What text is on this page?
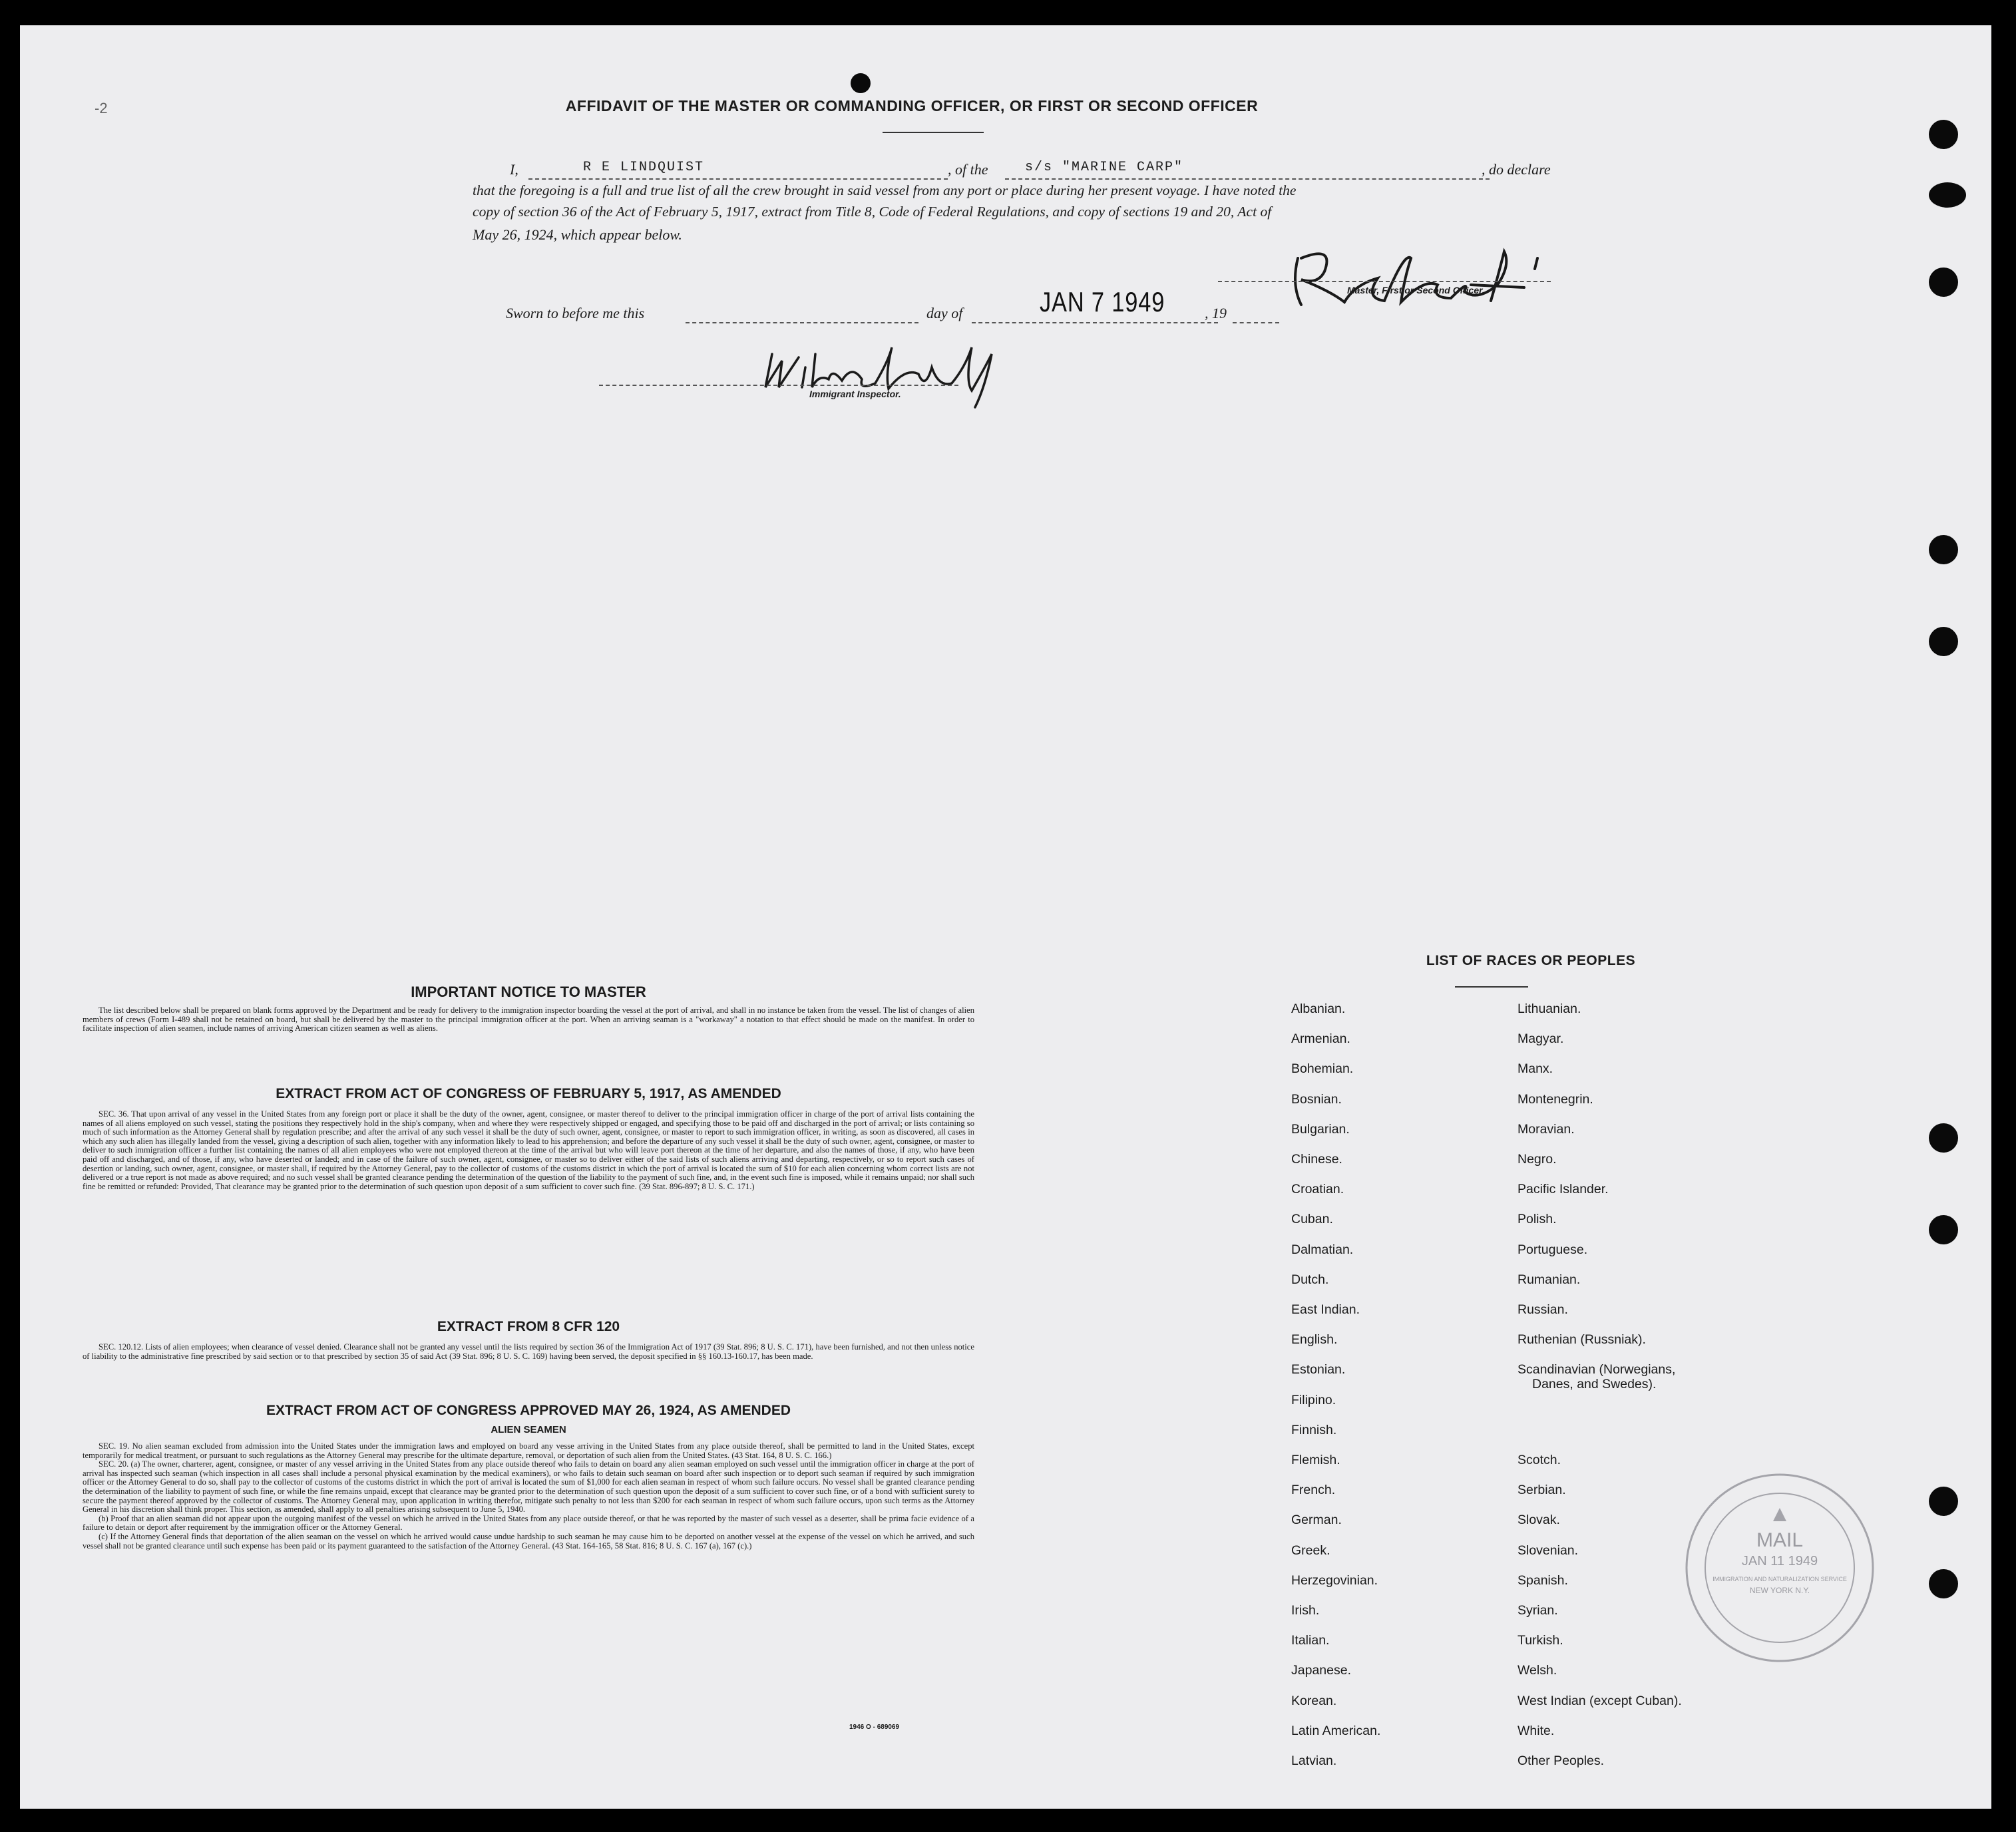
-2	AFFIDAVIT OF THE MASTER OR COMMANDING OFFICER, OR FIRST OR SECOND OFFICER
I,	R E LINDQUIST	, of the	s/s "MARINE CARP"	, do declare
that the foregoing is a full and true list of all the crew brought in said vessel from any port or place during her present voyage. I have noted the
copy of section 36 of the Act of February 5, 1917, extract from Title 8, Code of Federal Regulations, and copy of sections 19 and 20, Act of
May 26, 1924, which appear below.
Master, First or Second Officer.
Sworn to before me this	day of	JAN 7 1949	, 19
Immigrant Inspector.
IMPORTANT NOTICE TO MASTER
The list described below shall be prepared on blank forms approved by the Department and be ready for delivery to the immigration inspector boarding the vessel at the port of arrival, and shall in no instance be taken from the vessel. The list of changes of alien members of crews (Form I-489 shall not be retained on board, but shall be delivered by the master to the principal immigration officer at the port. When an arriving seaman is a "workaway" a notation to that effect should be made on the manifest. In order to facilitate inspection of alien seamen, include names of arriving American citizen seamen as well as aliens.
EXTRACT FROM ACT OF CONGRESS OF FEBRUARY 5, 1917, AS AMENDED
SEC. 36. That upon arrival of any vessel in the United States from any foreign port or place it shall be the duty of the owner, agent, consignee, or master thereof to deliver to the principal immigration officer in charge of the port of arrival lists containing the names of all aliens employed on such vessel, stating the positions they respectively hold in the ship's company, when and where they were respectively shipped or engaged, and specifying those to be paid off and discharged in the port of arrival; or lists containing so much of such information as the Attorney General shall by regulation prescribe; and after the arrival of any such vessel it shall be the duty of such owner, agent, consignee, or master to report to such immigration officer, in writing, as soon as discovered, all cases in which any such alien has illegally landed from the vessel, giving a description of such alien, together with any information likely to lead to his apprehension; and before the departure of any such vessel it shall be the duty of such owner, agent, consignee, or master to deliver to such immigration officer a further list containing the names of all alien employees who were not employed thereon at the time of the arrival but who will leave port thereon at the time of her departure, and also the names of those, if any, who have been paid off and discharged, and of those, if any, who have deserted or landed; and in case of the failure of such owner, agent, consignee, or master so to deliver either of the said lists of such aliens arriving and departing, respectively, or so to report such cases of desertion or landing, such owner, agent, consignee, or master shall, if required by the Attorney General, pay to the collector of customs of the customs district in which the port of arrival is located the sum of $10 for each alien concerning whom correct lists are not delivered or a true report is not made as above required; and no such vessel shall be granted clearance pending the determination of the question of the liability to the payment of such fine, and, in the event such fine is imposed, while it remains unpaid; nor shall such fine be remitted or refunded: Provided, That clearance may be granted prior to the determination of such question upon deposit of a sum sufficient to cover such fine. (39 Stat. 896-897; 8 U. S. C. 171.)
EXTRACT FROM 8 CFR 120
SEC. 120.12. Lists of alien employees; when clearance of vessel denied. Clearance shall not be granted any vessel until the lists required by section 36 of the Immigration Act of 1917 (39 Stat. 896; 8 U. S. C. 171), have been furnished, and not then unless notice of liability to the administrative fine prescribed by said section or to that prescribed by section 35 of said Act (39 Stat. 896; 8 U. S. C. 169) having been served, the deposit specified in §§ 160.13-160.17, has been made.
EXTRACT FROM ACT OF CONGRESS APPROVED MAY 26, 1924, AS AMENDED
ALIEN SEAMEN
SEC. 19. No alien seaman excluded from admission into the United States under the immigration laws and employed on board any vesse arriving in the United States from any place outside thereof, shall be permitted to land in the United States, except temporarily for medical treatment, or pursuant to such regulations as the Attorney General may prescribe for the ultimate departure, removal, or deportation of such alien from the United States. (43 Stat. 164, 8 U. S. C. 166.)
SEC. 20. (a) The owner, charterer, agent, consignee, or master of any vessel arriving in the United States from any place outside thereof who fails to detain on board any alien seaman employed on such vessel until the immigration officer in charge at the port of arrival has inspected such seaman (which inspection in all cases shall include a personal physical examination by the medical examiners), or who fails to detain such seaman on board after such inspection or to deport such seaman if required by such immigration officer or the Attorney General to do so, shall pay to the collector of customs of the customs district in which the port of arrival is located the sum of $1,000 for each alien seaman in respect of whom such failure occurs. No vessel shall be granted clearance pending the determination of the liability to payment of such fine, or while the fine remains unpaid, except that clearance may be granted prior to the determination of such question upon the deposit of a sum sufficient to cover such fine, or of a bond with sufficient surety to secure the payment thereof approved by the collector of customs. The Attorney General may, upon application in writing therefor, mitigate such penalty to not less than $200 for each seaman in respect of whom such failure occurs, upon such terms as the Attorney General in his discretion shall think proper. This section, as amended, shall apply to all penalties arising subsequent to June 5, 1940.
(b) Proof that an alien seaman did not appear upon the outgoing manifest of the vessel on which he arrived in the United States from any place outside thereof, or that he was reported by the master of such vessel as a deserter, shall be prima facie evidence of a failure to detain or deport after requirement by the immigration officer or the Attorney General.
(c) If the Attorney General finds that deportation of the alien seaman on the vessel on which he arrived would cause undue hardship to such seaman he may cause him to be deported on another vessel at the expense of the vessel on which he arrived, and such vessel shall not be granted clearance until such expense has been paid or its payment guaranteed to the satisfaction of the Attorney General. (43 Stat. 164-165, 58 Stat. 816; 8 U. S. C. 167 (a), 167 (c).)
1946 O - 689069
LIST OF RACES OR PEOPLES
MAIL
JAN 11 1949
IMMIGRATION AND NATURALIZATION SERVICE
NEW YORK N.Y.
Albanian.
Armenian.
Bohemian.
Bosnian.
Bulgarian.
Chinese.
Croatian.
Cuban.
Dalmatian.
Dutch.
East Indian.
English.
Estonian.
Filipino.
Finnish.
Flemish.
French.
German.
Greek.
Herzegovinian.
Irish.
Italian.
Japanese.
Korean.
Latin American.
Latvian.
Lithuanian.
Magyar.
Manx.
Montenegrin.
Moravian.
Negro.
Pacific Islander.
Polish.
Portuguese.
Rumanian.
Russian.
Ruthenian (Russniak).
Scandinavian (Norwegians,
Danes, and Swedes).
Scotch.
Serbian.
Slovak.
Slovenian.
Spanish.
Syrian.
Turkish.
Welsh.
West Indian (except Cuban).
White.
Other Peoples.
